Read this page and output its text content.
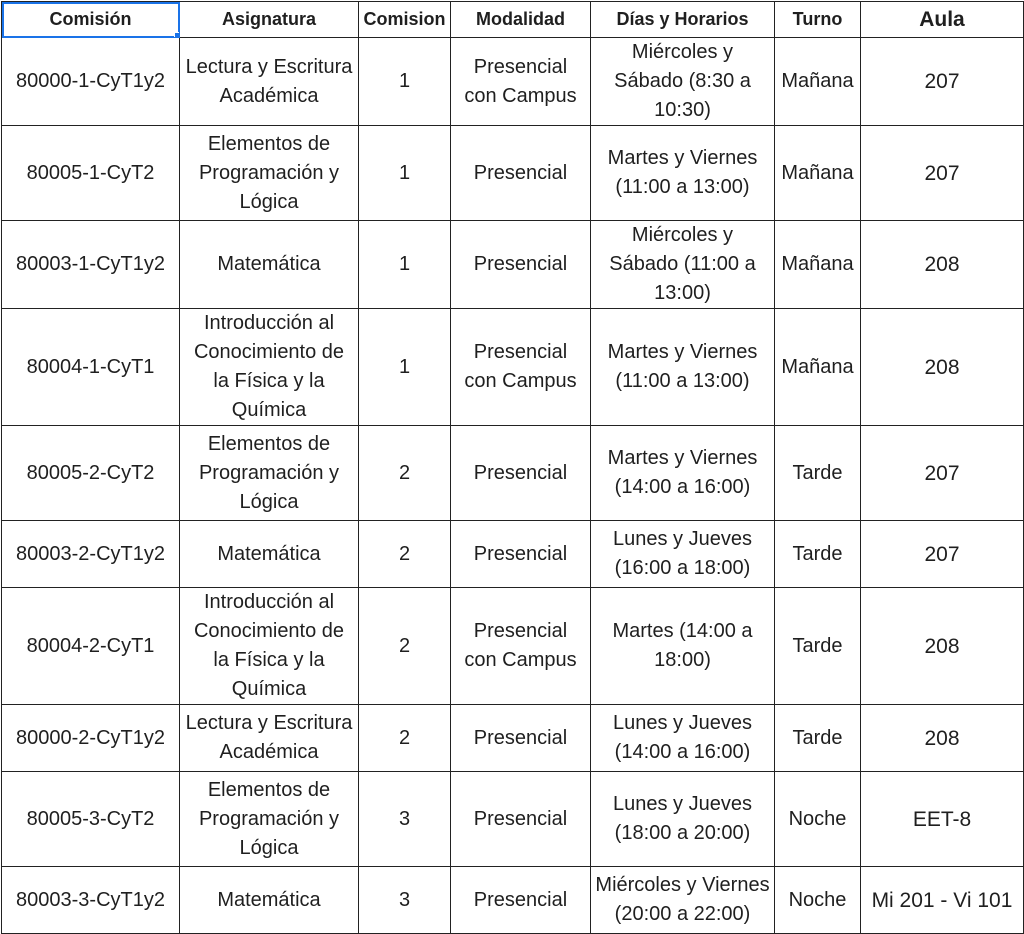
Comisión	Asignatura	Comision	Modalidad	Días y Horarios	Turno	Aula
80000-1-CyT1y2	Lectura y Escritura Académica	1	Presencial con Campus	Miércoles y Sábado (8:30 a 10:30)	Mañana	207
80005-1-CyT2	Elementos de Programación y Lógica	1	Presencial	Martes y Viernes (11:00 a 13:00)	Mañana	207
80003-1-CyT1y2	Matemática	1	Presencial	Miércoles y Sábado (11:00 a 13:00)	Mañana	208
80004-1-CyT1	Introducción al Conocimiento de la Física y la Química	1	Presencial con Campus	Martes y Viernes (11:00 a 13:00)	Mañana	208
80005-2-CyT2	Elementos de Programación y Lógica	2	Presencial	Martes y Viernes (14:00 a 16:00)	Tarde	207
80003-2-CyT1y2	Matemática	2	Presencial	Lunes y Jueves (16:00 a 18:00)	Tarde	207
80004-2-CyT1	Introducción al Conocimiento de la Física y la Química	2	Presencial con Campus	Martes (14:00 a 18:00)	Tarde	208
80000-2-CyT1y2	Lectura y Escritura Académica	2	Presencial	Lunes y Jueves (14:00 a 16:00)	Tarde	208
80005-3-CyT2	Elementos de Programación y Lógica	3	Presencial	Lunes y Jueves (18:00 a 20:00)	Noche	EET-8
80003-3-CyT1y2	Matemática	3	Presencial	Miércoles y Viernes (20:00 a 22:00)	Noche	Mi 201 - Vi 101
